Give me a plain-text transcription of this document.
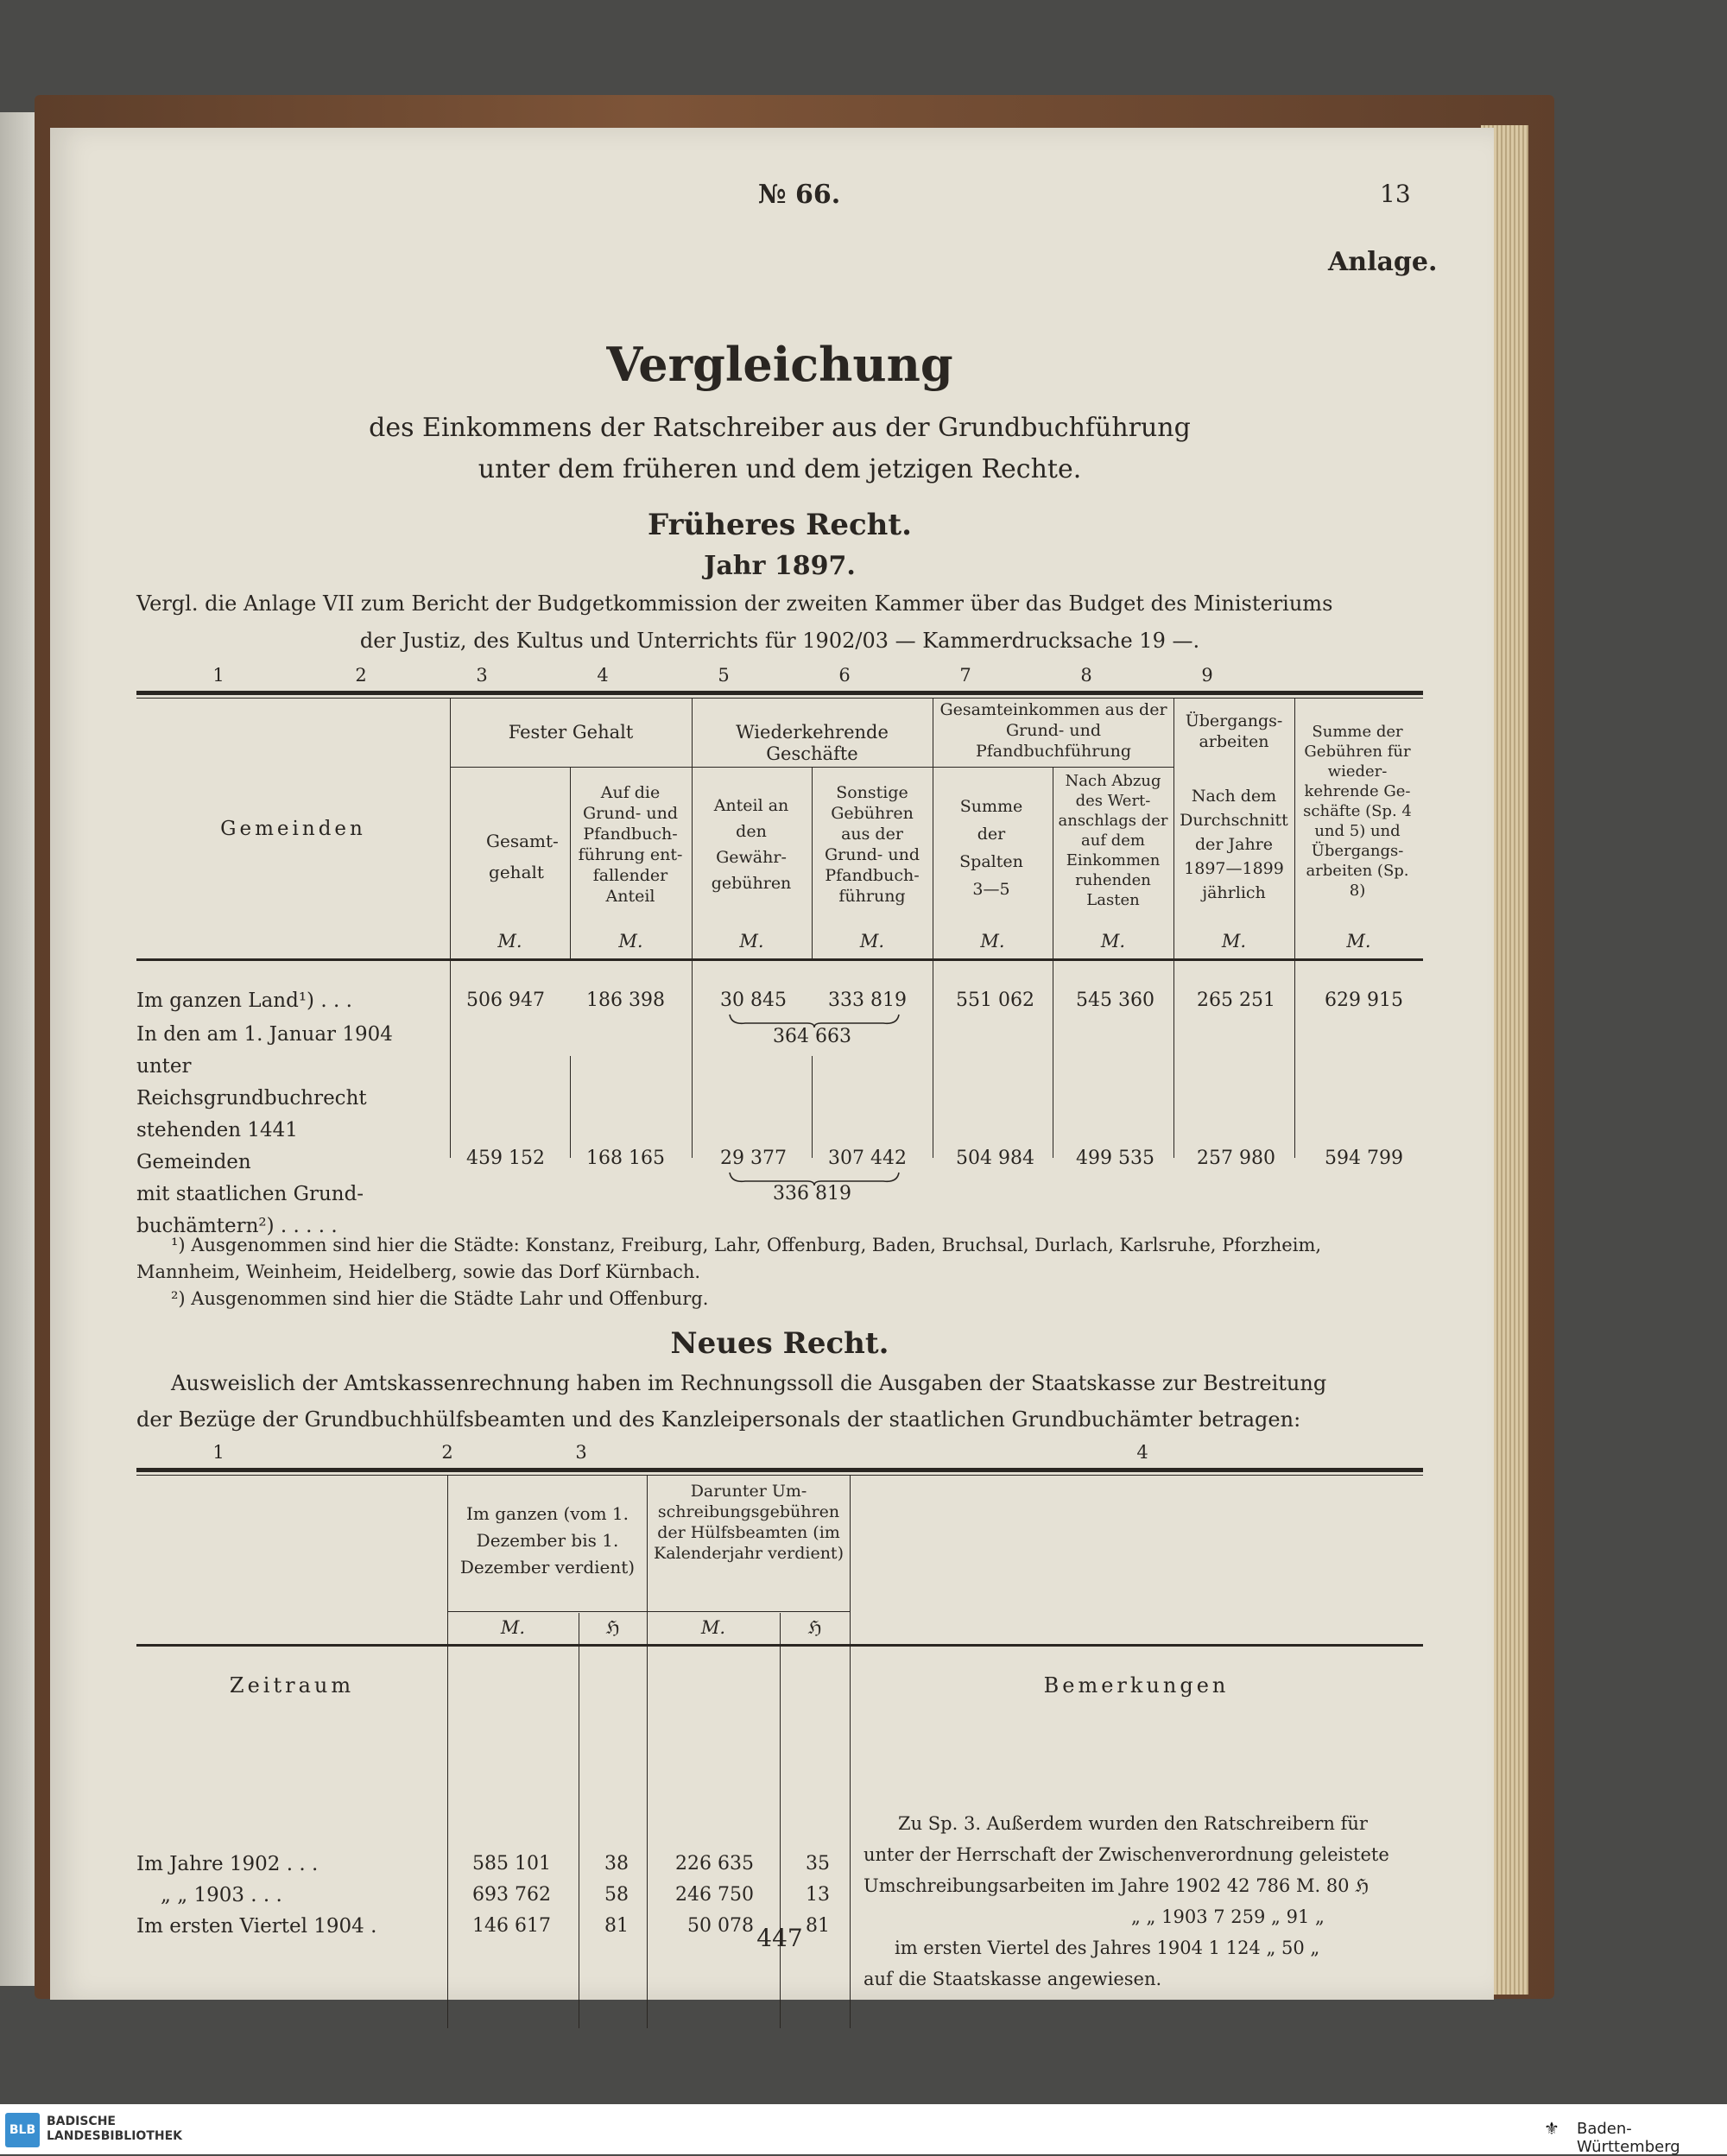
№ 66.	13
Anlage.
Vergleichung
des Einkommens der Ratschreiber aus der Grundbuchführung
unter dem früheren und dem jetzigen Rechte.
Früheres Recht.
Jahr 1897.
Vergl. die Anlage VII zum Bericht der Budgetkommission der zweiten Kammer über das Budget des Ministeriums
der Justiz, des Kultus und Unterrichts für 1902/03 — Kammerdrucksache 19 —.
1	2	3	4	5	6	7	8	9
Fester Gehalt	Wiederkehrende Geschäfte
Gesamteinkommen aus der Grund- und Pfandbuchführung
Übergangs-arbeiten
Gemeinden
Gesamt-gehalt
Auf die Grund- und Pfandbuch-führung ent-fallender Anteil
Anteil an den Gewähr-gebühren
Sonstige Gebühren aus der Grund- und Pfandbuch-führung
Summe der Spalten 3—5
Nach Abzug des Wert-anschlags der auf dem Einkommen ruhenden Lasten
Nach dem Durchschnitt der Jahre 1897—1899 jährlich
Summe der Gebühren für wieder-kehrende Ge-schäfte (Sp. 4 und 5) und Übergangs-arbeiten (Sp. 8)
M.	M.	M.	M.	M.	M.	M.	M.
Im ganzen Land¹) . . .	506 947	186 398	30 845	333 819	551 062	545 360	265 251	629 915
364 663
In den am 1. Januar 1904
unter Reichsgrundbuchrecht
stehenden 1441 Gemeinden
mit staatlichen Grund-
buchämtern²) . . . . .
459 152	168 165	29 377	307 442	504 984	499 535	257 980	594 799
336 819
¹) Ausgenommen sind hier die Städte: Konstanz, Freiburg, Lahr, Offenburg, Baden, Bruchsal, Durlach, Karlsruhe, Pforzheim,
Mannheim, Weinheim, Heidelberg, sowie das Dorf Kürnbach.
²) Ausgenommen sind hier die Städte Lahr und Offenburg.
Neues Recht.
Ausweislich der Amtskassenrechnung haben im Rechnungssoll die Ausgaben der Staatskasse zur Bestreitung
der Bezüge der Grundbuchhülfsbeamten und des Kanzleipersonals der staatlichen Grundbuchämter betragen:
1	2	3	4
Zeitraum
Im ganzen (vom 1. Dezember bis 1. Dezember verdient)
Darunter Um-schreibungsgebühren der Hülfsbeamten (im Kalenderjahr verdient)
Bemerkungen
M.	ℌ	M.	ℌ
Im Jahre 1902 . . .	585 101	38	226 635	35
„ „ 1903 . . .	693 762	58	246 750	13
Im ersten Viertel 1904 .	146 617	81	50 078	81
Zu Sp. 3. Außerdem wurden den Ratschreibern für
unter der Herrschaft der Zwischenverordnung geleistete
Umschreibungsarbeiten im Jahre 1902 42 786 M. 80 ℌ
„ „ 1903 7 259 „ 91 „
im ersten Viertel des Jahres 1904 1 124 „ 50 „
auf die Staatskasse angewiesen.
447
BLB
BADISCHE
LANDESBIBLIOTHEK	⚜	Baden-Württemberg
